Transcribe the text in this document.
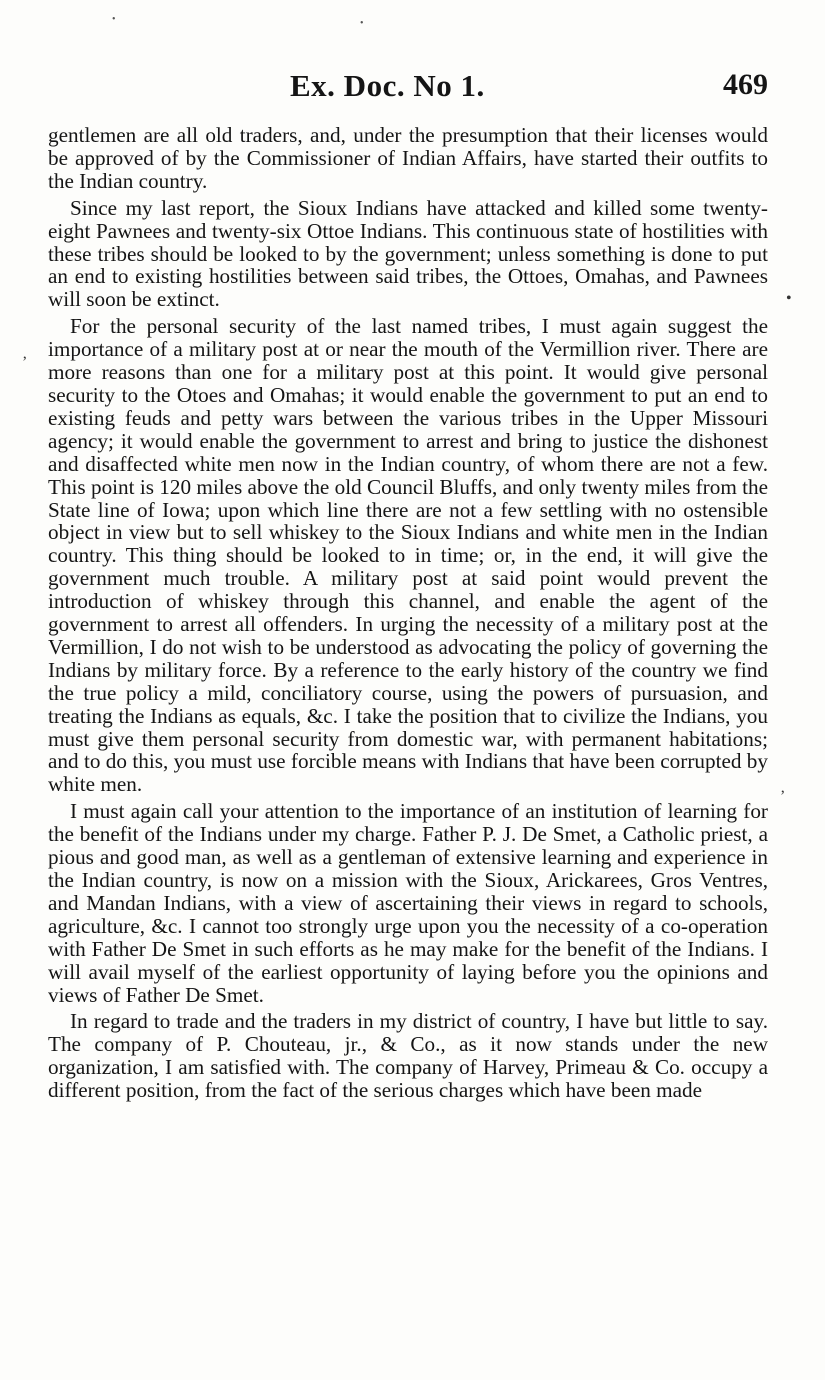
•	•
Ex. Doc. No 1.	469
’
•
’

gentlemen are all old traders, and, under the presumption that their licenses would be approved of by the Commissioner of Indian Affairs, have started their outfits to the Indian country.

Since my last report, the Sioux Indians have attacked and killed some twenty-eight Pawnees and twenty-six Ottoe Indians. This continuous state of hostilities with these tribes should be looked to by the government; unless something is done to put an end to existing hostilities between said tribes, the Ottoes, Omahas, and Pawnees will soon be extinct.

For the personal security of the last named tribes, I must again suggest the importance of a military post at or near the mouth of the Vermillion river. There are more reasons than one for a military post at this point. It would give personal security to the Otoes and Omahas; it would enable the government to put an end to existing feuds and petty wars between the various tribes in the Upper Missouri agency; it would enable the government to arrest and bring to justice the dishonest and disaffected white men now in the Indian country, of whom there are not a few. This point is 120 miles above the old Council Bluffs, and only twenty miles from the State line of Iowa; upon which line there are not a few settling with no ostensible object in view but to sell whiskey to the Sioux Indians and white men in the Indian country. This thing should be looked to in time; or, in the end, it will give the government much trouble. A military post at said point would prevent the introduction of whiskey through this channel, and enable the agent of the government to arrest all offenders. In urging the necessity of a military post at the Vermillion, I do not wish to be understood as advocating the policy of governing the Indians by military force. By a reference to the early history of the country we find the true policy a mild, conciliatory course, using the powers of pursuasion, and treating the Indians as equals, &c. I take the position that to civilize the Indians, you must give them personal security from domestic war, with permanent habitations; and to do this, you must use forcible means with Indians that have been corrupted by white men.

I must again call your attention to the importance of an institution of learning for the benefit of the Indians under my charge. Father P. J. De Smet, a Catholic priest, a pious and good man, as well as a gentleman of extensive learning and experience in the Indian country, is now on a mission with the Sioux, Arickarees, Gros Ventres, and Mandan Indians, with a view of ascertaining their views in regard to schools, agriculture, &c. I cannot too strongly urge upon you the necessity of a co-operation with Father De Smet in such efforts as he may make for the benefit of the Indians. I will avail myself of the earliest opportunity of laying before you the opinions and views of Father De Smet.

In regard to trade and the traders in my district of country, I have but little to say. The company of P. Chouteau, jr., & Co., as it now stands under the new organization, I am satisfied with. The company of Harvey, Primeau & Co. occupy a different position, from the fact of the serious charges which have been made
